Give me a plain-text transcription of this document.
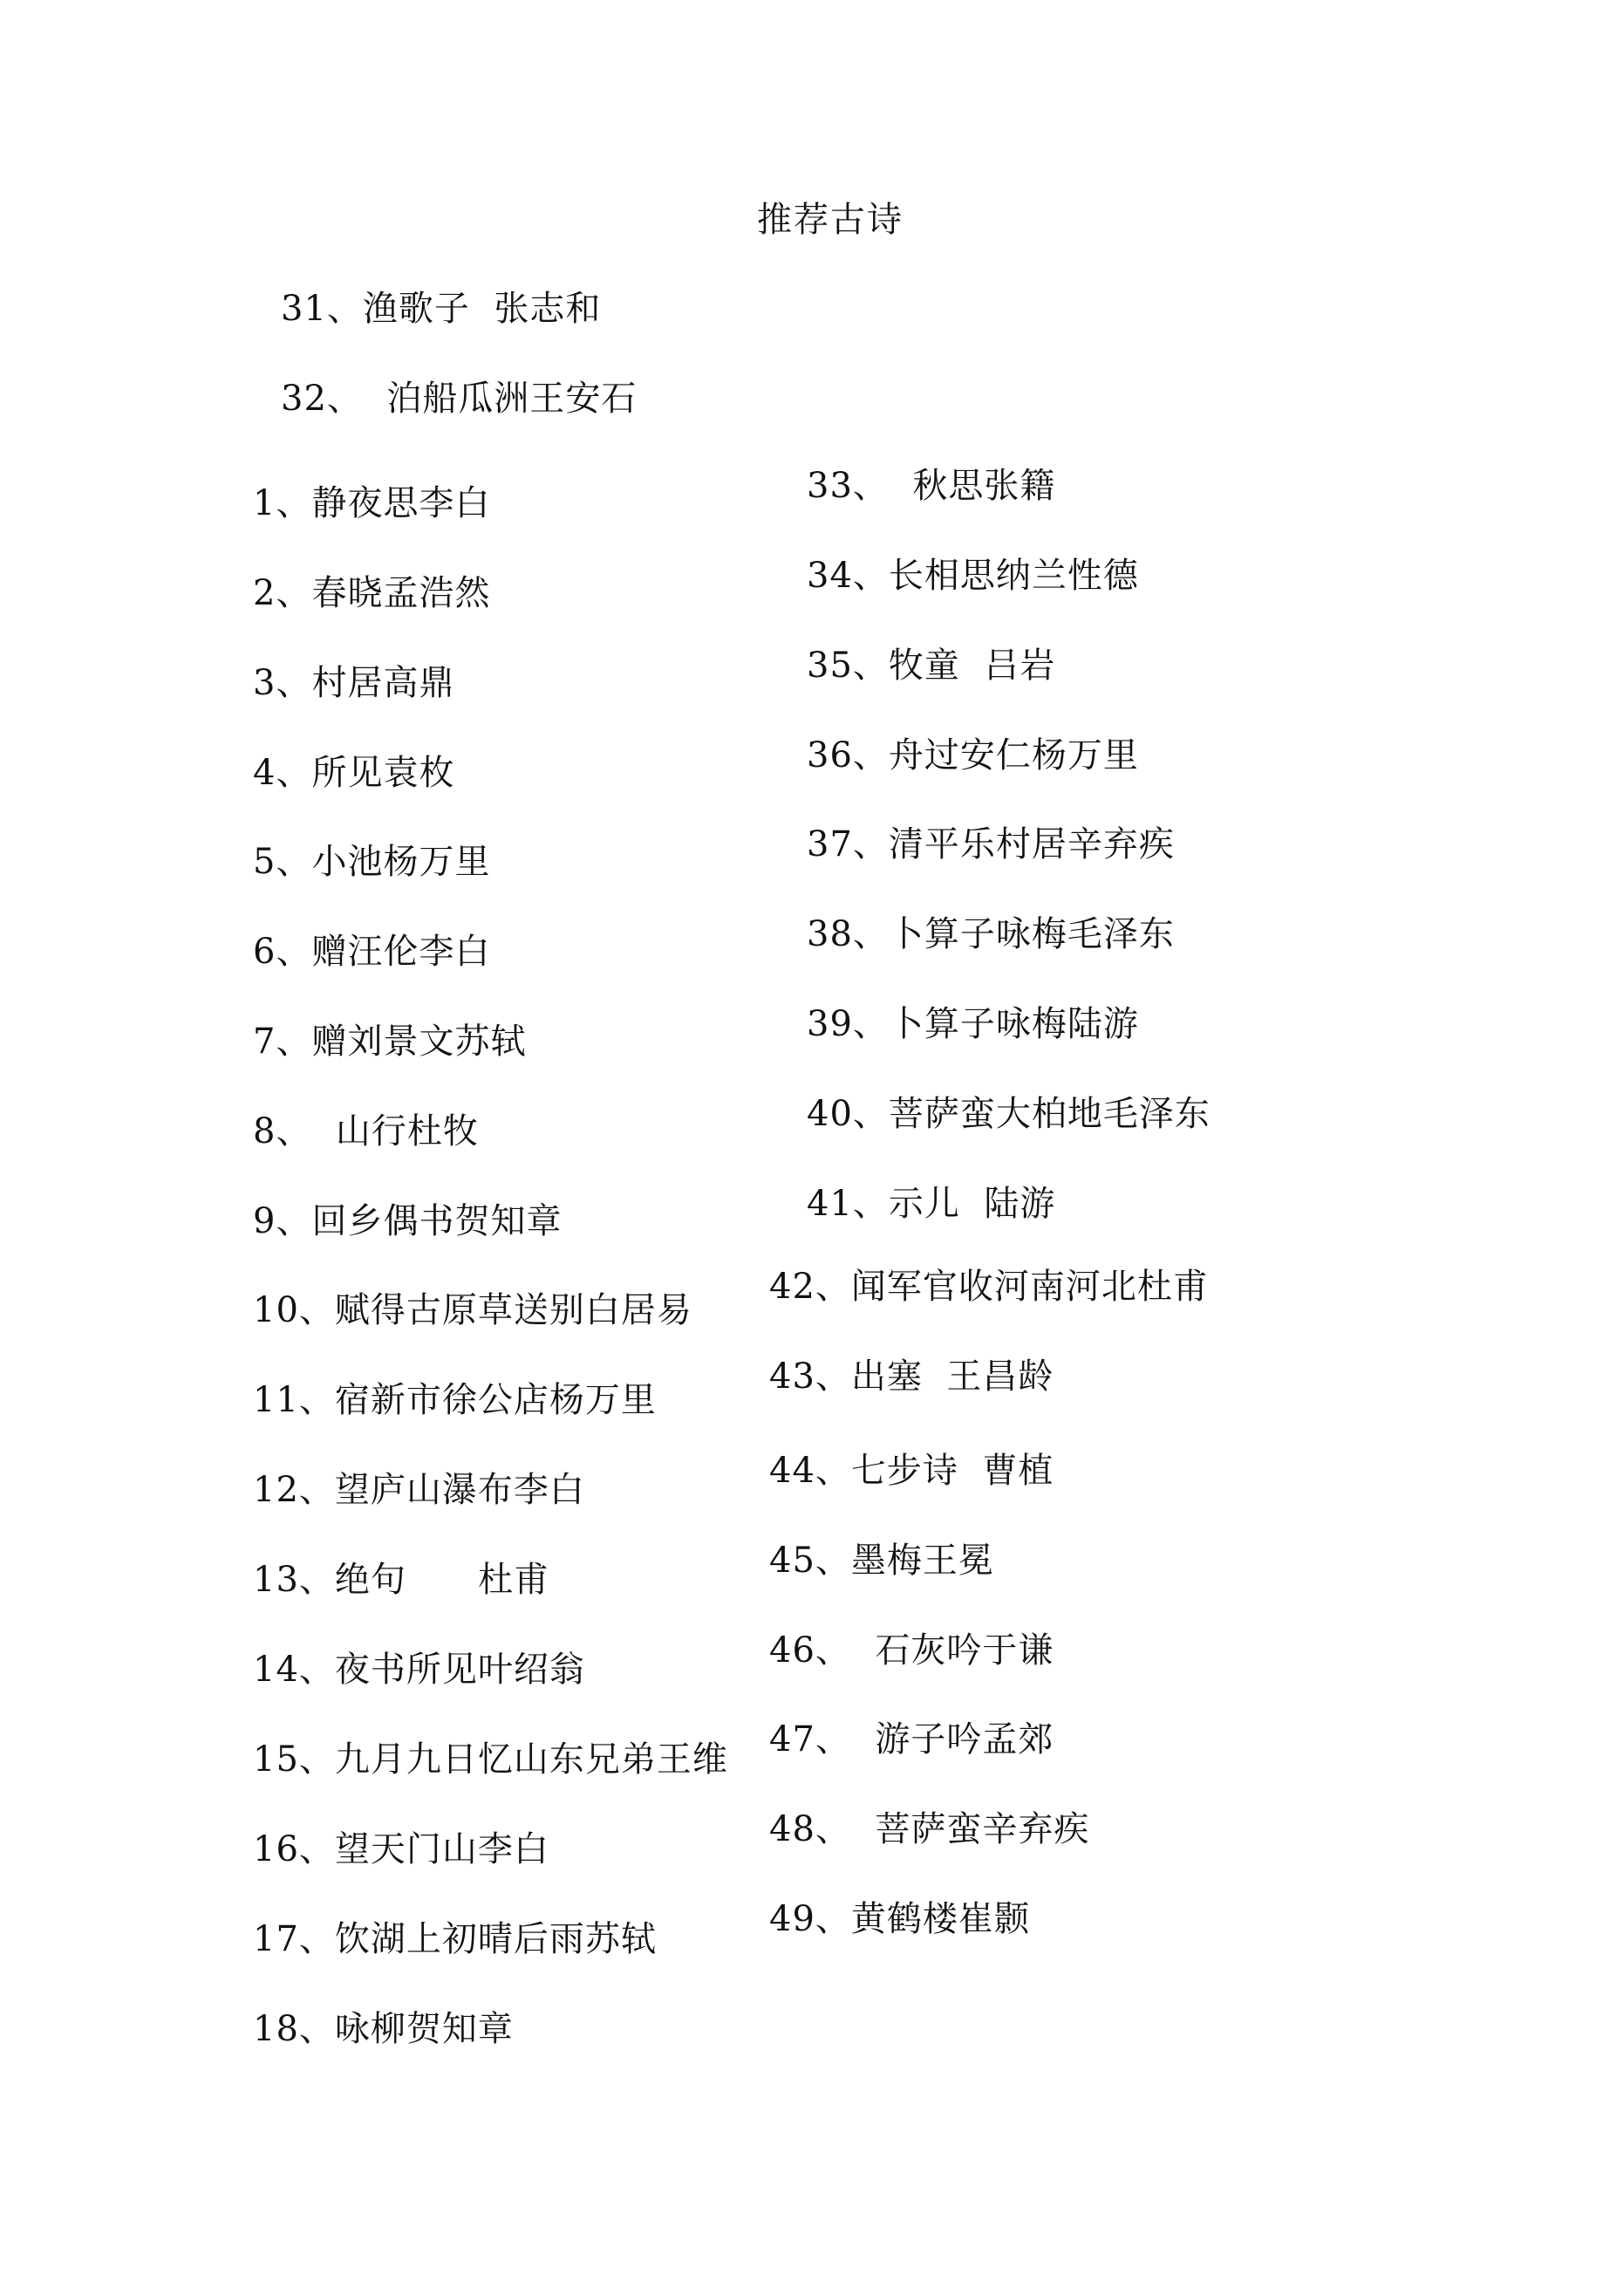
推荐古诗
31、渔歌子  张志和
32、  泊船瓜洲王安石
1、静夜思李白
2、春晓孟浩然
3、村居高鼎
4、所见袁枚
5、小池杨万里
6、赠汪伦李白
7、赠刘景文苏轼
8、  山行杜牧
9、回乡偶书贺知章
10、赋得古原草送别白居易
11、宿新市徐公店杨万里
12、望庐山瀑布李白
13、绝句      杜甫
14、夜书所见叶绍翁
15、九月九日忆山东兄弟王维
16、望天门山李白
17、饮湖上初晴后雨苏轼
18、咏柳贺知章
33、  秋思张籍
34、长相思纳兰性德
35、牧童  吕岩
36、舟过安仁杨万里
37、清平乐村居辛弃疾
38、卜算子咏梅毛泽东
39、卜算子咏梅陆游
40、菩萨蛮大柏地毛泽东
41、示儿  陆游
42、闻军官收河南河北杜甫
43、出塞  王昌龄
44、七步诗  曹植
45、墨梅王冕
46、  石灰吟于谦
47、  游子吟孟郊
48、  菩萨蛮辛弃疾
49、黄鹤楼崔颢
